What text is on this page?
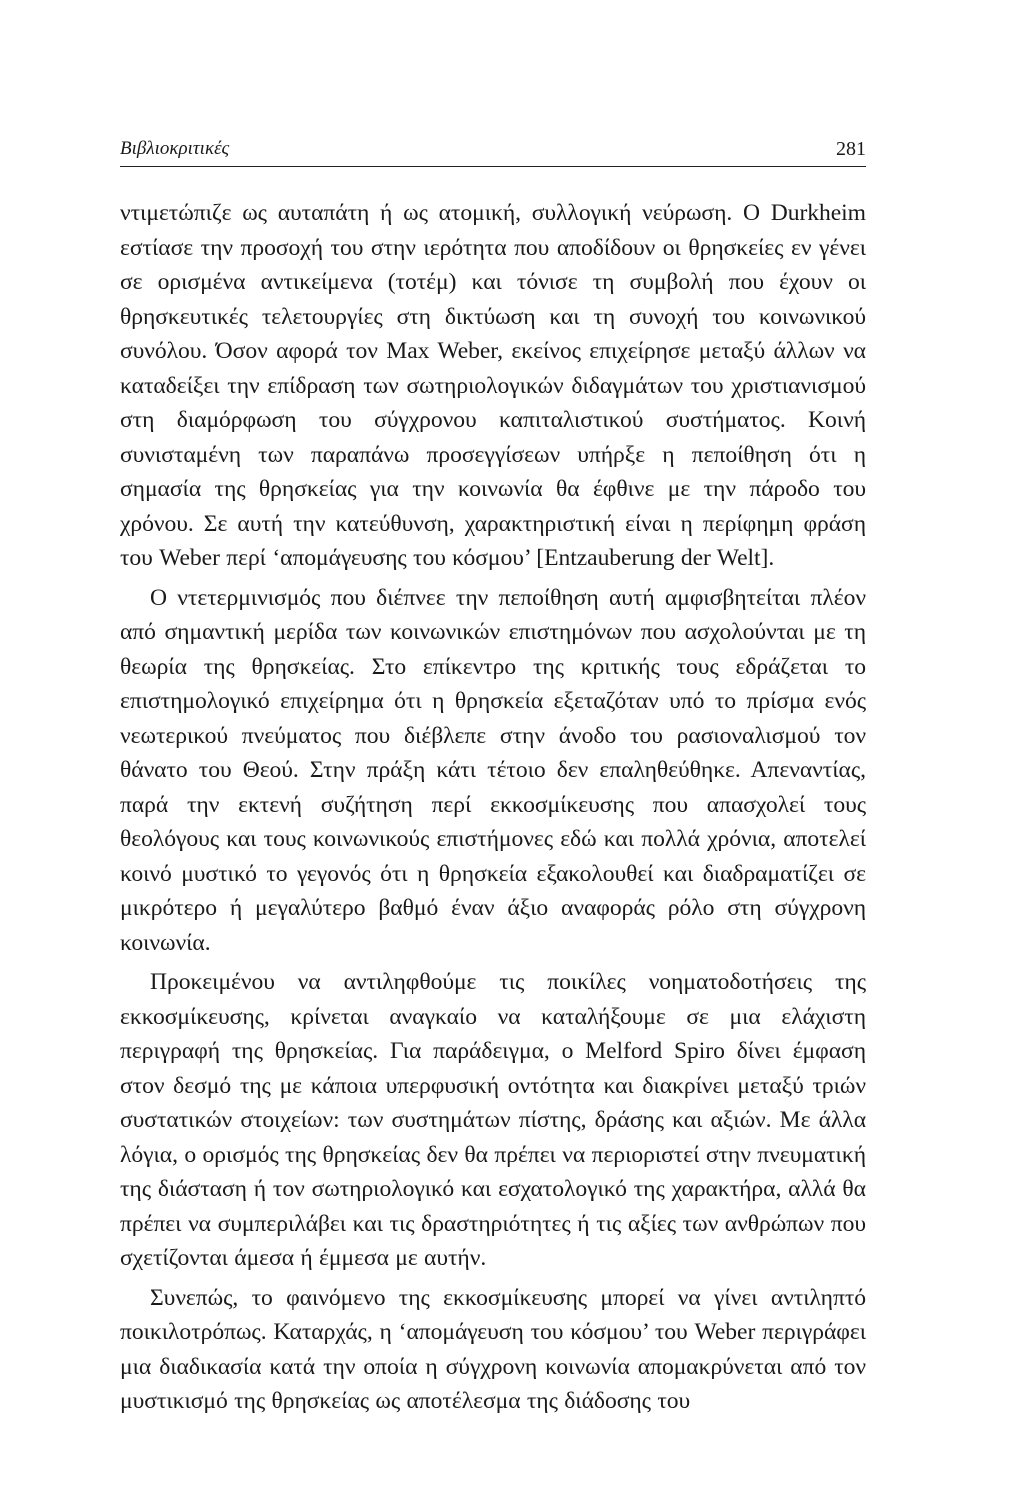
Βιβλιοκριτικές	281

ντιμετώπιζε ως αυταπάτη ή ως ατομική, συλλογική νεύρωση. Ο Durkheim εστίασε την προσοχή του στην ιερότητα που αποδίδουν οι θρησκείες εν γένει σε ορισμένα αντικείμενα (τοτέμ) και τόνισε τη συμβολή που έχουν οι θρησκευτικές τελετουργίες στη δικτύωση και τη συνοχή του κοινωνικού συνόλου. Όσον αφορά τον Max Weber, εκείνος επιχείρησε μεταξύ άλλων να καταδείξει την επίδραση των σωτηριολογικών διδαγμάτων του χριστιανισμού στη διαμόρφωση του σύγχρονου καπιταλιστικού συστήματος. Κοινή συνισταμένη των παραπάνω προσεγγίσεων υπήρξε η πεποίθηση ότι η σημασία της θρησκείας για την κοινωνία θα έφθινε με την πάροδο του χρόνου. Σε αυτή την κατεύθυνση, χαρακτηριστική είναι η περίφημη φράση του Weber περί ‘απομάγευσης του κόσμου’ [Entzauberung der Welt].

Ο ντετερμινισμός που διέπνεε την πεποίθηση αυτή αμφισβητείται πλέον από σημαντική μερίδα των κοινωνικών επιστημόνων που ασχολούνται με τη θεωρία της θρησκείας. Στο επίκεντρο της κριτικής τους εδράζεται το επιστημολογικό επιχείρημα ότι η θρησκεία εξεταζόταν υπό το πρίσμα ενός νεωτερικού πνεύματος που διέβλεπε στην άνοδο του ρασιοναλισμού τον θάνατο του Θεού. Στην πράξη κάτι τέτοιο δεν επαληθεύθηκε. Απεναντίας, παρά την εκτενή συζήτηση περί εκκοσμίκευσης που απασχολεί τους θεολόγους και τους κοινωνικούς επιστήμονες εδώ και πολλά χρόνια, αποτελεί κοινό μυστικό το γεγονός ότι η θρησκεία εξακολουθεί και διαδραματίζει σε μικρότερο ή μεγαλύτερο βαθμό έναν άξιο αναφοράς ρόλο στη σύγχρονη κοινωνία.

Προκειμένου να αντιληφθούμε τις ποικίλες νοηματοδοτήσεις της εκκοσμίκευσης, κρίνεται αναγκαίο να καταλήξουμε σε μια ελάχιστη περιγραφή της θρησκείας. Για παράδειγμα, ο Melford Spiro δίνει έμφαση στον δεσμό της με κάποια υπερφυσική οντότητα και διακρίνει μεταξύ τριών συστατικών στοιχείων: των συστημάτων πίστης, δράσης και αξιών. Με άλλα λόγια, ο ορισμός της θρησκείας δεν θα πρέπει να περιοριστεί στην πνευματική της διάσταση ή τον σωτηριολογικό και εσχατολογικό της χαρακτήρα, αλλά θα πρέπει να συμπεριλάβει και τις δραστηριότητες ή τις αξίες των ανθρώπων που σχετίζονται άμεσα ή έμμεσα με αυτήν.

Συνεπώς, το φαινόμενο της εκκοσμίκευσης μπορεί να γίνει αντιληπτό ποικιλοτρόπως. Καταρχάς, η ‘απομάγευση του κόσμου’ του Weber περιγράφει μια διαδικασία κατά την οποία η σύγχρονη κοινωνία απομακρύνεται από τον μυστικισμό της θρησκείας ως αποτέλεσμα της διάδοσης του
